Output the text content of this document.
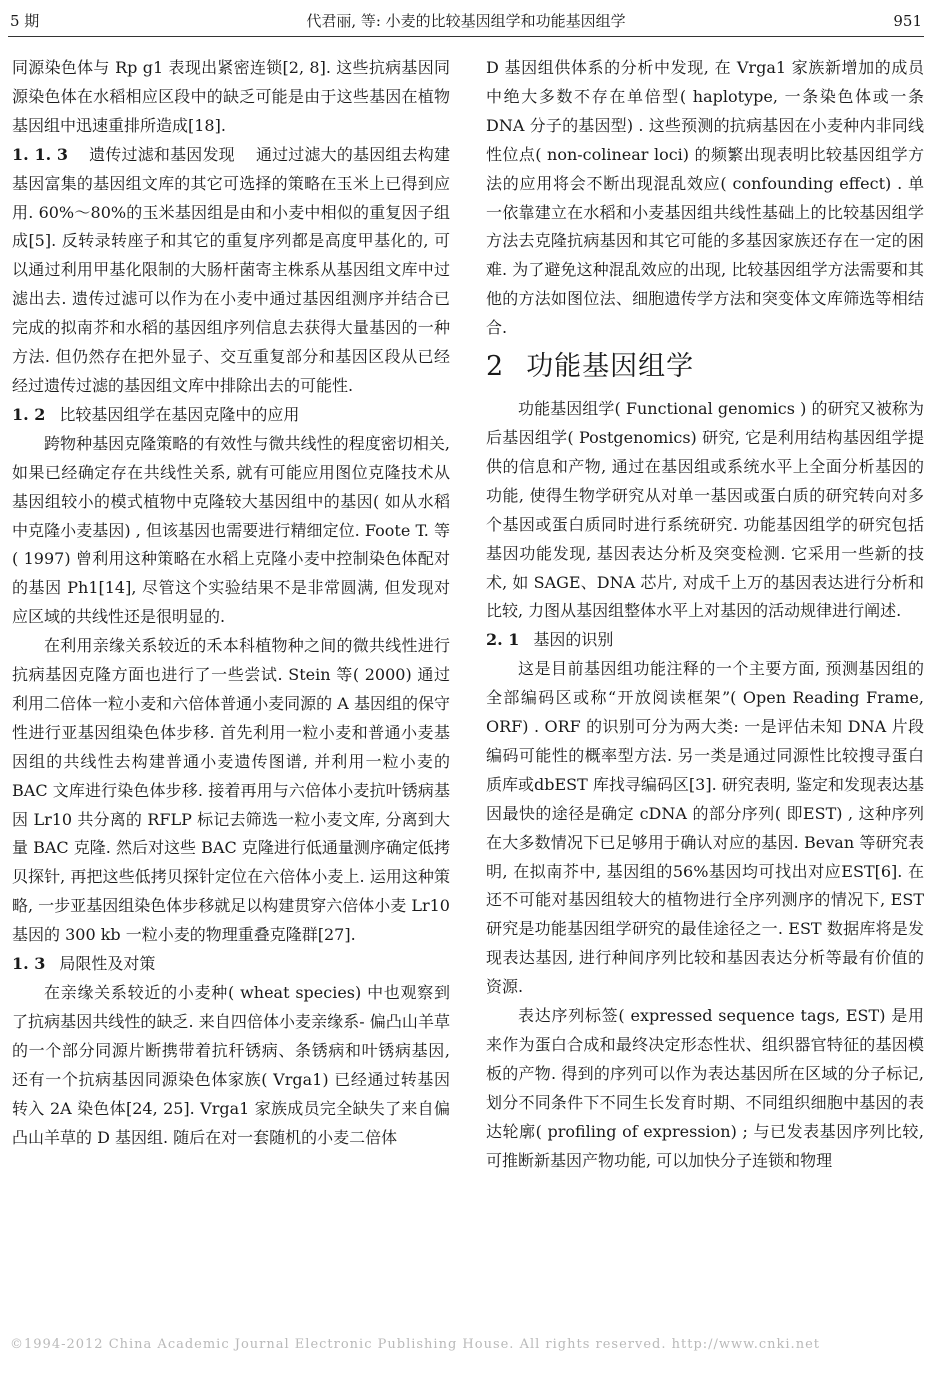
5 期	代君丽, 等: 小麦的比较基因组学和功能基因组学	951

同源染色体与 Rp g1 表现出紧密连锁[2, 8]. 这些抗病基因同源染色体在水稻相应区段中的缺乏可能是由于这些基因在植物基因组中迅速重排所造成[18].

1. 1. 3 遗传过滤和基因发现 通过过滤大的基因组去构建基因富集的基因组文库的其它可选择的策略在玉米上已得到应用. 60%～80%的玉米基因组是由和小麦中相似的重复因子组成[5]. 反转录转座子和其它的重复序列都是高度甲基化的, 可以通过利用甲基化限制的大肠杆菌寄主株系从基因组文库中过滤出去. 遗传过滤可以作为在小麦中通过基因组测序并结合已完成的拟南芥和水稻的基因组序列信息去获得大量基因的一种方法. 但仍然存在把外显子、交互重复部分和基因区段从已经经过遗传过滤的基因组文库中排除出去的可能性.

1. 2 比较基因组学在基因克隆中的应用

跨物种基因克隆策略的有效性与微共线性的程度密切相关, 如果已经确定存在共线性关系, 就有可能应用图位克隆技术从基因组较小的模式植物中克隆较大基因组中的基因( 如从水稻中克隆小麦基因) , 但该基因也需要进行精细定位. Foote T. 等( 1997) 曾利用这种策略在水稻上克隆小麦中控制染色体配对的基因 Ph1[14], 尽管这个实验结果不是非常圆满, 但发现对应区域的共线性还是很明显的.

在利用亲缘关系较近的禾本科植物种之间的微共线性进行抗病基因克隆方面也进行了一些尝试. Stein 等( 2000) 通过利用二倍体一粒小麦和六倍体普通小麦同源的 A 基因组的保守性进行亚基因组染色体步移. 首先利用一粒小麦和普通小麦基因组的共线性去构建普通小麦遗传图谱, 并利用一粒小麦的 BAC 文库进行染色体步移. 接着再用与六倍体小麦抗叶锈病基因 Lr10 共分离的 RFLP 标记去筛选一粒小麦文库, 分离到大量 BAC 克隆. 然后对这些 BAC 克隆进行低通量测序确定低拷贝探针, 再把这些低拷贝探针定位在六倍体小麦上. 运用这种策略, 一步亚基因组染色体步移就足以构建贯穿六倍体小麦 Lr10 基因的 300 kb 一粒小麦的物理重叠克隆群[27].

1. 3 局限性及对策

在亲缘关系较近的小麦种( wheat species) 中也观察到了抗病基因共线性的缺乏. 来自四倍体小麦亲缘系- 偏凸山羊草的一个部分同源片断携带着抗秆锈病、条锈病和叶锈病基因, 还有一个抗病基因同源染色体家族( Vrga1) 已经通过转基因转入 2A 染色体[24, 25]. Vrga1 家族成员完全缺失了来自偏凸山羊草的 D 基因组. 随后在对一套随机的小麦二倍体

D 基因组供体系的分析中发现, 在 Vrga1 家族新增加的成员中绝大多数不存在单倍型( haplotype, 一条染色体或一条 DNA 分子的基因型) . 这些预测的抗病基因在小麦种内非同线性位点( non-colinear loci) 的频繁出现表明比较基因组学方法的应用将会不断出现混乱效应( confounding effect) . 单一依靠建立在水稻和小麦基因组共线性基础上的比较基因组学方法去克隆抗病基因和其它可能的多基因家族还存在一定的困难. 为了避免这种混乱效应的出现, 比较基因组学方法需要和其他的方法如图位法、细胞遗传学方法和突变体文库筛选等相结合.

2 功能基因组学

功能基因组学( Functional genomics ) 的研究又被称为后基因组学( Postgenomics) 研究, 它是利用结构基因组学提供的信息和产物, 通过在基因组或系统水平上全面分析基因的功能, 使得生物学研究从对单一基因或蛋白质的研究转向对多个基因或蛋白质同时进行系统研究. 功能基因组学的研究包括基因功能发现, 基因表达分析及突变检测. 它采用一些新的技术, 如 SAGE、DNA 芯片, 对成千上万的基因表达进行分析和比较, 力图从基因组整体水平上对基因的活动规律进行阐述.

2. 1 基因的识别

这是目前基因组功能注释的一个主要方面, 预测基因组的全部编码区或称“开放阅读框架”( Open Reading Frame, ORF) . ORF 的识别可分为两大类: 一是评估未知 DNA 片段编码可能性的概率型方法. 另一类是通过同源性比较搜寻蛋白质库或dbEST 库找寻编码区[3]. 研究表明, 鉴定和发现表达基因最快的途径是确定 cDNA 的部分序列( 即EST) , 这种序列在大多数情况下已足够用于确认对应的基因. Bevan 等研究表明, 在拟南芥中, 基因组的56%基因均可找出对应EST[6]. 在还不可能对基因组较大的植物进行全序列测序的情况下, EST 研究是功能基因组学研究的最佳途径之一. EST 数据库将是发现表达基因, 进行种间序列比较和基因表达分析等最有价值的资源.

表达序列标签( expressed sequence tags, EST) 是用来作为蛋白合成和最终决定形态性状、组织器官特征的基因模板的产物. 得到的序列可以作为表达基因所在区域的分子标记, 划分不同条件下不同生长发育时期、不同组织细胞中基因的表达轮廓( profiling of expression) ; 与已发表基因序列比较, 可推断新基因产物功能, 可以加快分子连锁和物理

©1994-2012 China Academic Journal Electronic Publishing House. All rights reserved. http://www.cnki.net
